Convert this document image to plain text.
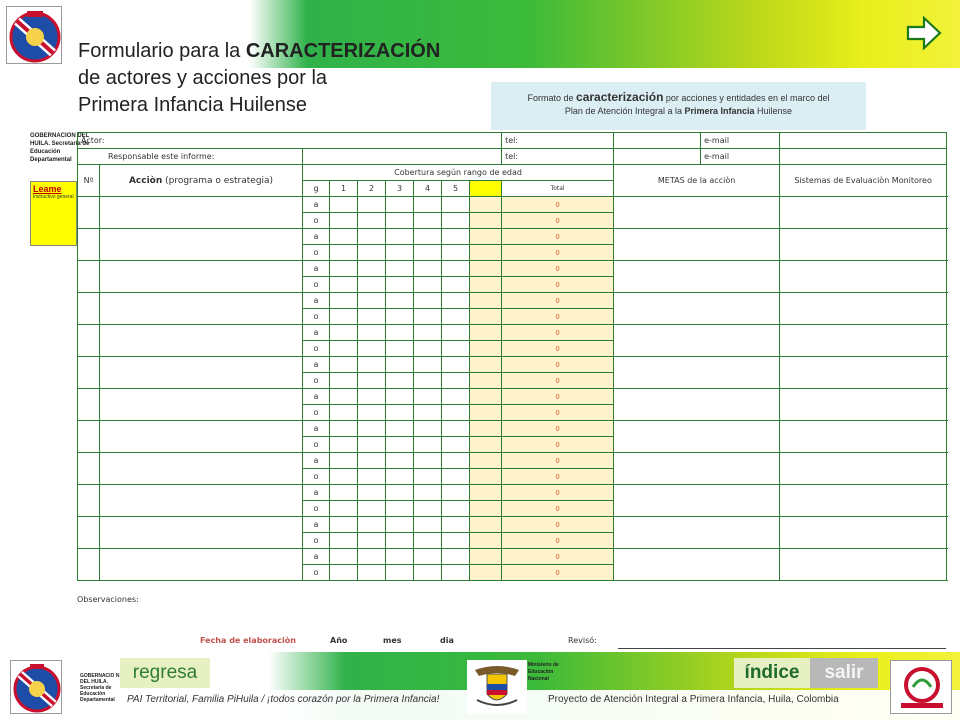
Formulario para la CARACTERIZACIÓN
de actores y acciones por la
Primera Infancia Huilense	Formato de caracterización por acciones y entidades en el marco del
Plan de Atención Integral a la Primera Infancia Huilense
GOBERNACION DEL HUILA. Secretaria de Educación Departamental
Leame
instructivo general
Actor:									tel:		e-mail	
Responsable este informe:									tel:		e-mail	
Nº	Acciòn (programa o estrategia)	Cobertura según rango de edad								METAS de la acciòn		Sistemas de Evaluaciòn Monitoreo
		g	1	2	3	4	5		Total			
		a							0			
		o							0			
		a							0			
		o							0			
		a							0			
		o							0			
		a							0			
		o							0			
		a							0			
		o							0			
		a							0			
		o							0			
		a							0			
		o							0			
		a							0			
		o							0			
		a							0			
		o							0			
		a							0			
		o							0			
		a							0			
		o							0			
		a							0			
		o							0			
Observaciones:
Fecha de elaboraciòn	Año	mes	dia	Revisó:
GOBERNACIO N DEL HUILA. Secretaría de Educación Departamental
regresa	Ministerio de Educación Nacional	índice	salir
PAI Territorial, Familia PiHuila / ¡todos corazón por la Primera Infancia!	Proyecto de Atención Integral a Primera Infancia, Huila, Colombia
